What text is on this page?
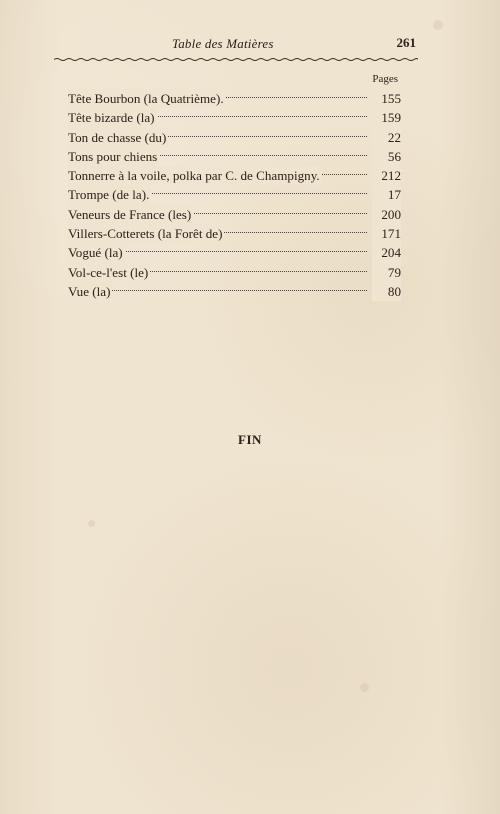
Table des Matières	261
Pages
Tête Bourbon (la Quatrième).	155
Tête bizarde (la)	159
Ton de chasse (du)	22
Tons pour chiens	56
Tonnerre à la voile, polka par C. de Champigny.	212
Trompe (de la).	17
Veneurs de France (les)	200
Villers-Cotterets (la Forêt de)	171
Vogué (la)	204
Vol-ce-l'est (le)	79
Vue (la)	80
FIN
